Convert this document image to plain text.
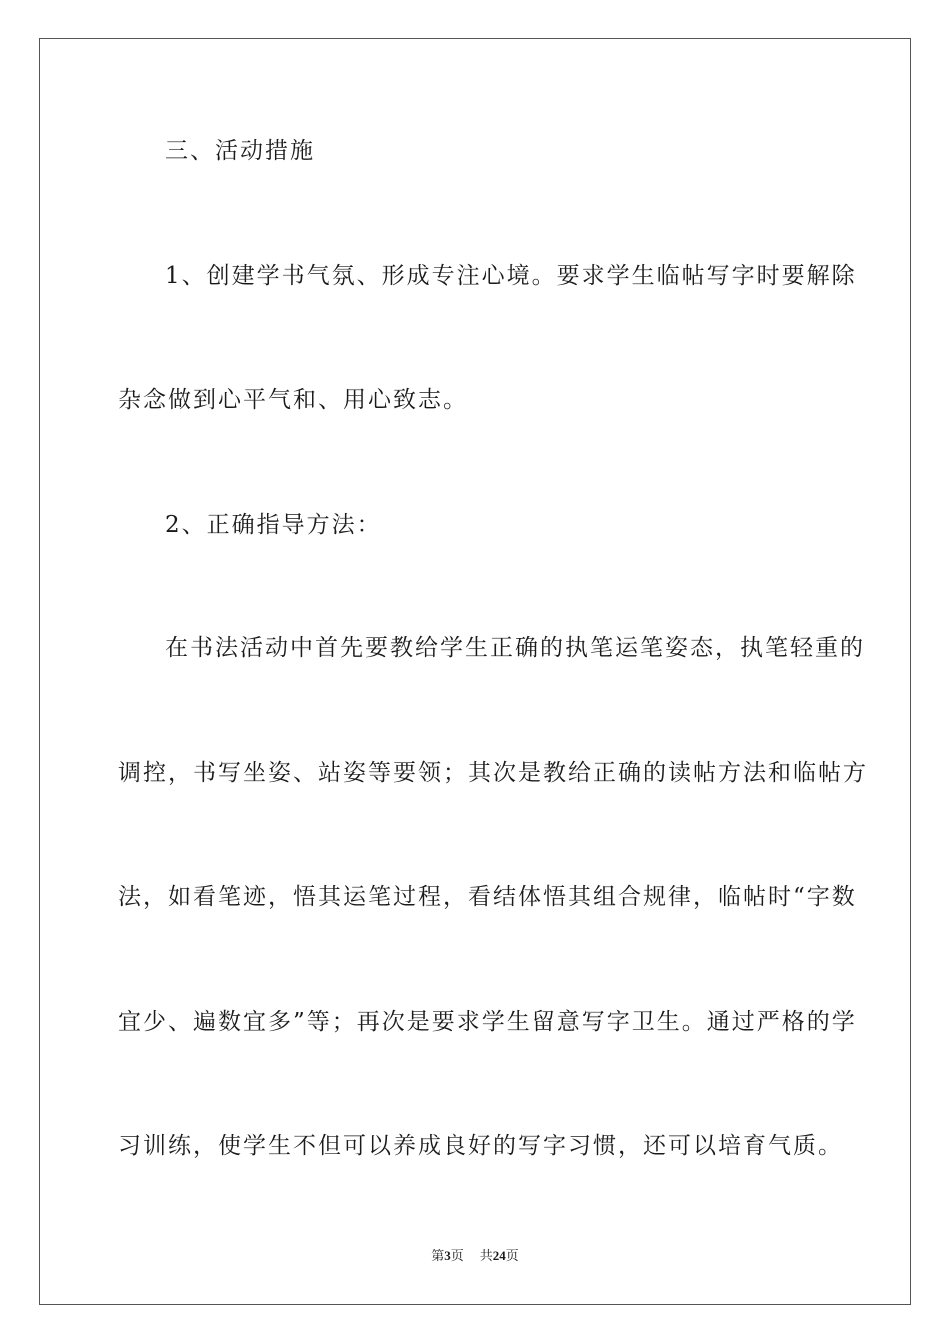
三、活动措施
1、创建学书气氛、形成专注心境。要求学生临帖写字时要解除
杂念做到心平气和、用心致志。
2、正确指导方法：
在书法活动中首先要教给学生正确的执笔运笔姿态，执笔轻重的
调控，书写坐姿、站姿等要领；其次是教给正确的读帖方法和临帖方
法，如看笔迹，悟其运笔过程，看结体悟其组合规律，临帖时“字数
宜少、遍数宜多”等；再次是要求学生留意写字卫生。通过严格的学
习训练，使学生不但可以养成良好的写字习惯，还可以培育气质。
第3页 共24页
